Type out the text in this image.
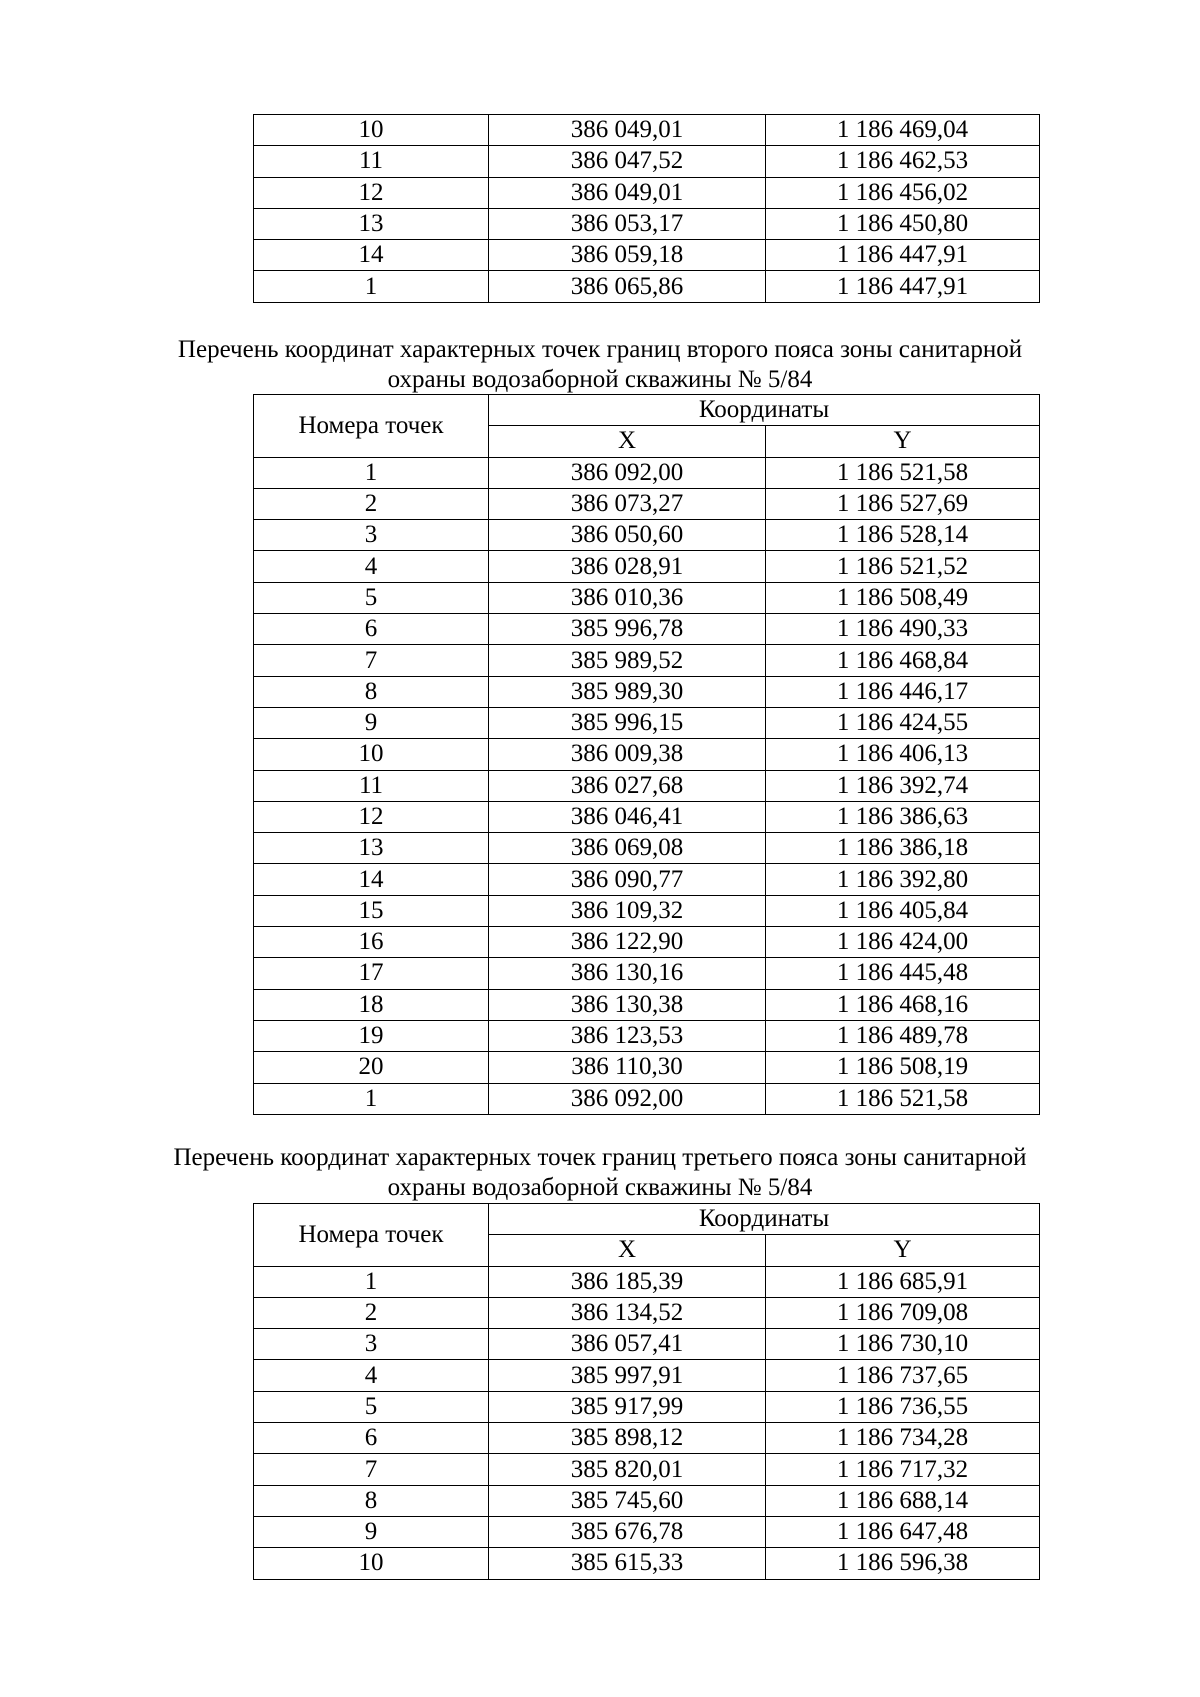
10	386 049,01	1 186 469,04
11	386 047,52	1 186 462,53
12	386 049,01	1 186 456,02
13	386 053,17	1 186 450,80
14	386 059,18	1 186 447,91
1	386 065,86	1 186 447,91
Перечень координат характерных точек границ второго пояса зоны санитарной
охраны водозаборной скважины № 5/84
Номера точек	Координаты	
	X	Y
1	386 092,00	1 186 521,58
2	386 073,27	1 186 527,69
3	386 050,60	1 186 528,14
4	386 028,91	1 186 521,52
5	386 010,36	1 186 508,49
6	385 996,78	1 186 490,33
7	385 989,52	1 186 468,84
8	385 989,30	1 186 446,17
9	385 996,15	1 186 424,55
10	386 009,38	1 186 406,13
11	386 027,68	1 186 392,74
12	386 046,41	1 186 386,63
13	386 069,08	1 186 386,18
14	386 090,77	1 186 392,80
15	386 109,32	1 186 405,84
16	386 122,90	1 186 424,00
17	386 130,16	1 186 445,48
18	386 130,38	1 186 468,16
19	386 123,53	1 186 489,78
20	386 110,30	1 186 508,19
1	386 092,00	1 186 521,58
Перечень координат характерных точек границ третьего пояса зоны санитарной
охраны водозаборной скважины № 5/84
Номера точек	Координаты	
	X	Y
1	386 185,39	1 186 685,91
2	386 134,52	1 186 709,08
3	386 057,41	1 186 730,10
4	385 997,91	1 186 737,65
5	385 917,99	1 186 736,55
6	385 898,12	1 186 734,28
7	385 820,01	1 186 717,32
8	385 745,60	1 186 688,14
9	385 676,78	1 186 647,48
10	385 615,33	1 186 596,38
